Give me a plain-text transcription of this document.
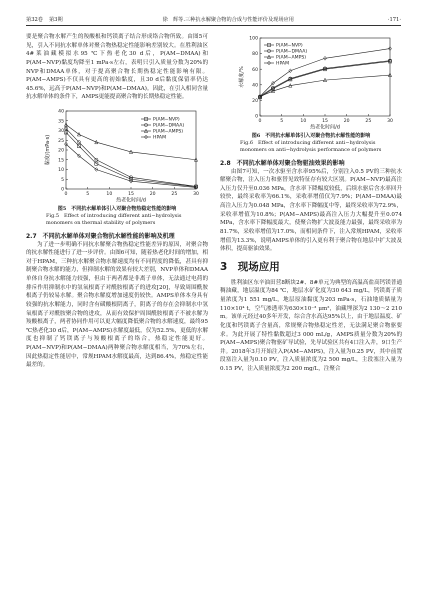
第32卷 第3期	徐　辉等.三种抗水解聚合物的合成与性能评价及现场应用	·171·

要是聚合物水解产生的羧酸根和钙镁离子结合形成络合物所致。由图5可见，引入不同抗水解单体对聚合物热稳定性能影响差别较大。在胜利油区4#莱油藏模拟水95 ℃下热老化30 d后，P(AM−DMAA)和P(AM−NVP)黏度均降至1 mPa·s左右，表明只引入质量分数为20%的NVP和DMAA单体，对于提高聚合物长期热稳定性能影响有限。P(AM−AMPS)不仅具有更高的初始黏度，且30 d后黏度保留率仍达45.6%，远高于P(AM−NVP)和P(AM−DMAA)。因此，在引入相同含量抗水解单体的条件下，AMPS更能提高聚合物的长期热稳定性能。

0	5	10	15	20	25	30
0
5
10
15
20
25
30
35
40
热老化时间/d
黏度/(mPa·s)
P(AM−NVP)
P(AM−DMAA)
P(AM−AMPS)
HPAM
图5　不同抗水解单体引入对聚合物热稳定性能的影响
Fig.5　Effect of introducing different anti−hydrolysis monomers on thermal stability of polymers
2.7　不同抗水解单体对聚合物抗水解性能的影响及机理

为了进一步明确不同抗水解聚合物热稳定性能差异的原因，对聚合物的抗水解性能进行了进一步评价。由图6可知，随着热老化时间的增加，相对于HPAM，三种抗水解聚合物水解速度均有不同程度的降低，甚具有抑制聚合物水解的能力，但抑制水解的效果有较大差别，NVP单体和DMAA单体自身抗水解能力较强，但由于两者都是非离子单体，无法通过电荷的排斥作用抑制水中的氢氧根离子对酰胺根离子的进攻[20]，导致周围酰胺根离子仍较易水解。聚合物水解度增加速度仍较快。AMPS单体本身具有较强的抗水解能力，同时含有磺酸根阴离子，阴离子的存在会抑制水中氢氧根离子对酰胺聚合物的进攻，从而有效保护周围酰胺根离子不被水解为羧酸根离子，两者协同作用可以更大幅度降低聚合物的水解速度，最终95 ℃热老化30 d后，P(AM−AMPS)水解度最低，仅为52.5%，更低的水解度也抑制了钙镁离子与羧酸根离子的络合，热稳定性能更好。P(AM−NVP)和P(AM−DMAA)两种聚合物水解度相当，为70%左右，因此热稳定性能居中，常规HPAM水解度最高，达到86.4%，热稳定性能最差的。

0	5	10	15	20	25	30
0
20
40
60
80
100
热老化时间/d
水解度/%
P(AM−NVP)
P(AM−DMAA)
P(AM−AMPS)
HPAM
图6　不同抗水解单体引入对聚合物抗水解性能的影响
Fig.6　Effect of introducing different anti−hydrolysis monomers on anti−hydrolysis performance of polymers
2.8　不同抗水解单体对聚合物驱油效果的影响

由图7可知，一次水驱至含水率95%后，分别注入0.5 PV的三种抗水解聚合物，注入压力和驱替见效特征存有较大区别。P(AM−NVP)最高注入压力仅升至0.036 MPa，含水率下降幅度较低，后续水驱后含水率回升较快，最终采收率为66.1%，采收率增值仅为7.9%；P(AM−DMAA)最高注入压力为0.048 MPa，含水率下降幅度中等，最终采收率为72.9%，采收率增值为10.8%；P(AM−AMPS)最高注入压力大幅提升至0.074 MPa，含水率下降幅度最大，使聚合物扩大波及能力最强，最终采收率为81.7%，采收率增值为17.0%，而相同条件下，注入常规HPAM，采收率增值为13.3%，说明AMPS单体的引入更有利于聚合物在地层中扩大波及体积，提高驱油效果。

3　现场应用

胜利油区东辛油田营8断块2#、8#单元为典型的高温高盐高钙镁普通稠油藏，地层温度为84 ℃，地层水矿化度为30 643 mg/L，钙镁离子质量浓度为1 551 mg/L，地层原油黏度为203 mPa·s，石油地质储量为110×10⁴ t，空气渗透率为630×10⁻³ μm²，油藏埋深为2 130～2 210 m。该单元经过40多年开发，综合含水高达95%以上，由于地层温度、矿化度和钙镁离子含量高，常规聚合物热稳定性差，无法满足聚合物驱要求。为此开展了特性黏数超过3 000 mL/g，AMPS质量分数为20%的P(AM−AMPS)聚合物驱矿导试验，先导试验区共有4口注入井，9口生产井。2018年3月开始注入P(AM−AMPS)，注入量为0.25 PV，其中前置段塞注入量为0.10 PV，注入质量浓度为2 500 mg/L，主段塞注入量为0.15 PV，注入质量浓度为2 200 mg/L，注聚合
